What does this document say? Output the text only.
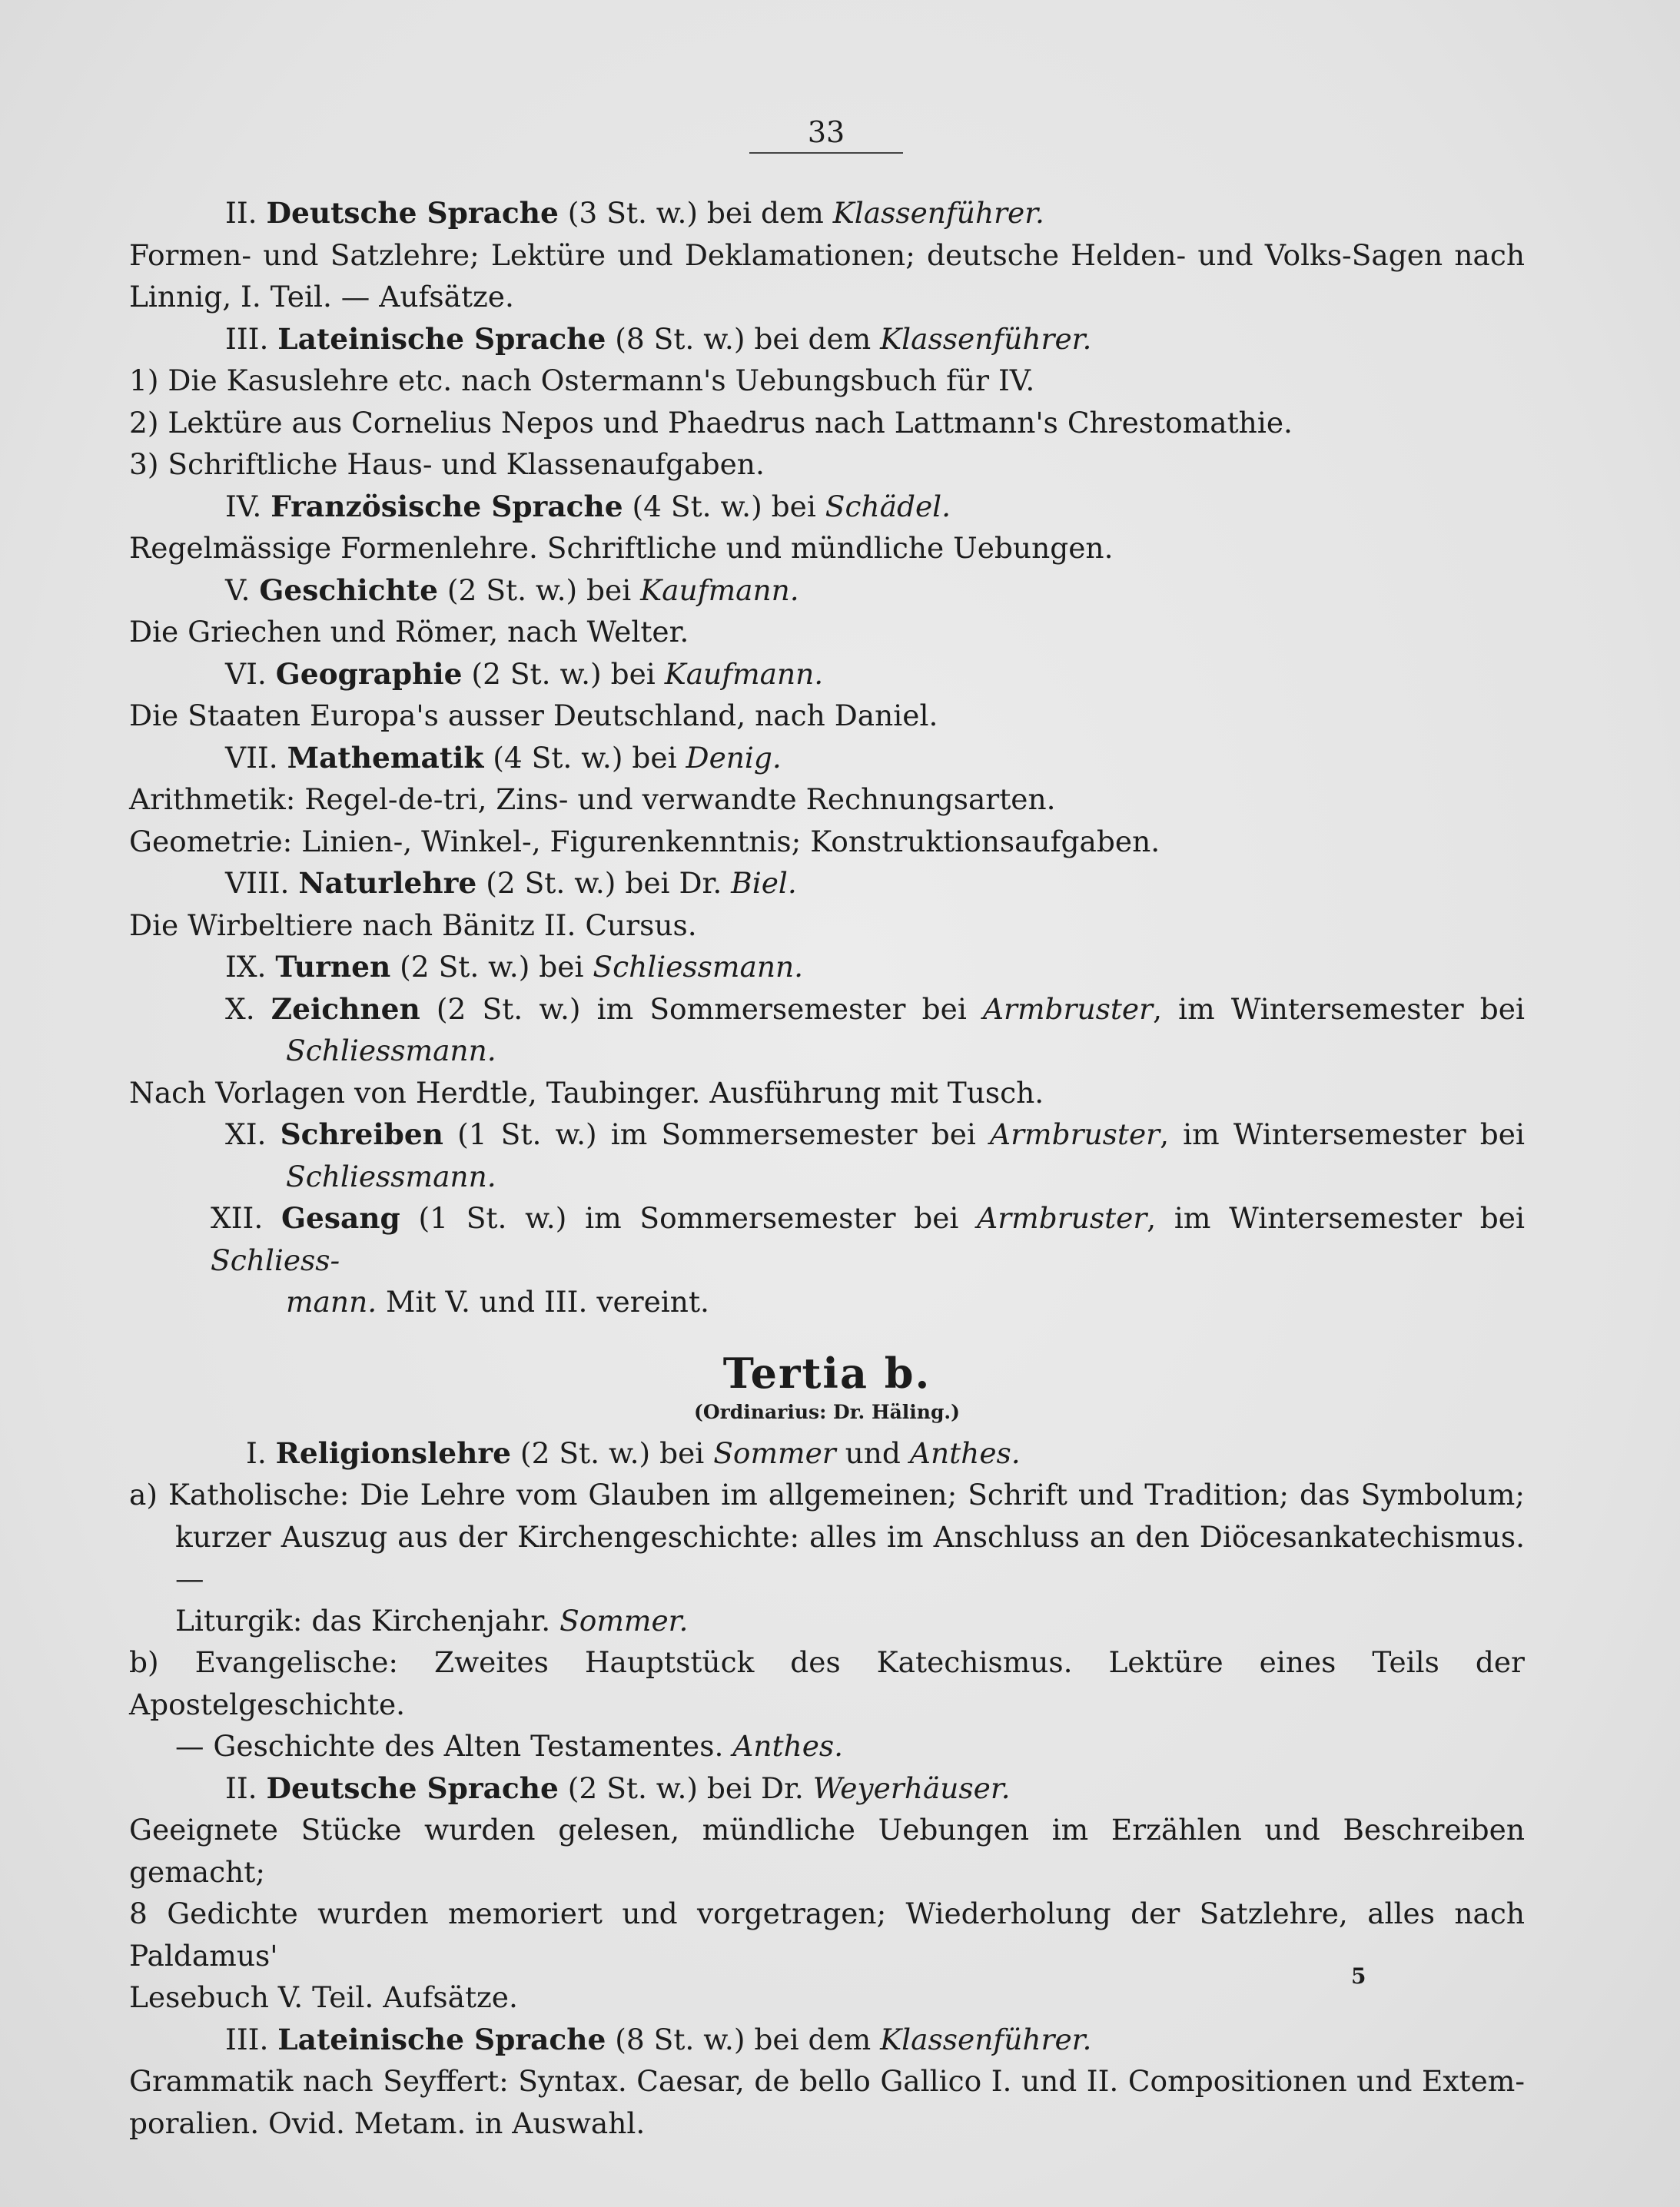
33
II. Deutsche Sprache (3 St. w.) bei dem Klassenführer.
Formen- und Satzlehre; Lektüre und Deklamationen; deutsche Helden- und Volks-Sagen nach
Linnig, I. Teil. — Aufsätze.
III. Lateinische Sprache (8 St. w.) bei dem Klassenführer.
1) Die Kasuslehre etc. nach Ostermann's Uebungsbuch für IV.
2) Lektüre aus Cornelius Nepos und Phaedrus nach Lattmann's Chrestomathie.
3) Schriftliche Haus- und Klassenaufgaben.
IV. Französische Sprache (4 St. w.) bei Schädel.
Regelmässige Formenlehre. Schriftliche und mündliche Uebungen.
V. Geschichte (2 St. w.) bei Kaufmann.
Die Griechen und Römer, nach Welter.
VI. Geographie (2 St. w.) bei Kaufmann.
Die Staaten Europa's ausser Deutschland, nach Daniel.
VII. Mathematik (4 St. w.) bei Denig.
Arithmetik: Regel-de-tri, Zins- und verwandte Rechnungsarten.
Geometrie: Linien-, Winkel-, Figurenkenntnis; Konstruktionsaufgaben.
VIII. Naturlehre (2 St. w.) bei Dr. Biel.
Die Wirbeltiere nach Bänitz II. Cursus.
IX. Turnen (2 St. w.) bei Schliessmann.
X. Zeichnen (2 St. w.) im Sommersemester bei Armbruster, im Wintersemester bei
Schliessmann.
Nach Vorlagen von Herdtle, Taubinger. Ausführung mit Tusch.
XI. Schreiben (1 St. w.) im Sommersemester bei Armbruster, im Wintersemester bei
Schliessmann.
XII. Gesang (1 St. w.) im Sommersemester bei Armbruster, im Wintersemester bei Schliess-
mann. Mit V. und III. vereint.
Tertia b.
(Ordinarius: Dr. Häling.)
I. Religionslehre (2 St. w.) bei Sommer und Anthes.
a) Katholische: Die Lehre vom Glauben im allgemeinen; Schrift und Tradition; das Symbolum;
kurzer Auszug aus der Kirchengeschichte: alles im Anschluss an den Diöcesankatechismus. —
Liturgik: das Kirchenjahr. Sommer.
b) Evangelische: Zweites Hauptstück des Katechismus. Lektüre eines Teils der Apostelgeschichte.
— Geschichte des Alten Testamentes. Anthes.
II. Deutsche Sprache (2 St. w.) bei Dr. Weyerhäuser.
Geeignete Stücke wurden gelesen, mündliche Uebungen im Erzählen und Beschreiben gemacht;
8 Gedichte wurden memoriert und vorgetragen; Wiederholung der Satzlehre, alles nach Paldamus'
Lesebuch V. Teil. Aufsätze.
III. Lateinische Sprache (8 St. w.) bei dem Klassenführer.
Grammatik nach Seyffert: Syntax. Caesar, de bello Gallico I. und II. Compositionen und Extem-
poralien. Ovid. Metam. in Auswahl.
5
